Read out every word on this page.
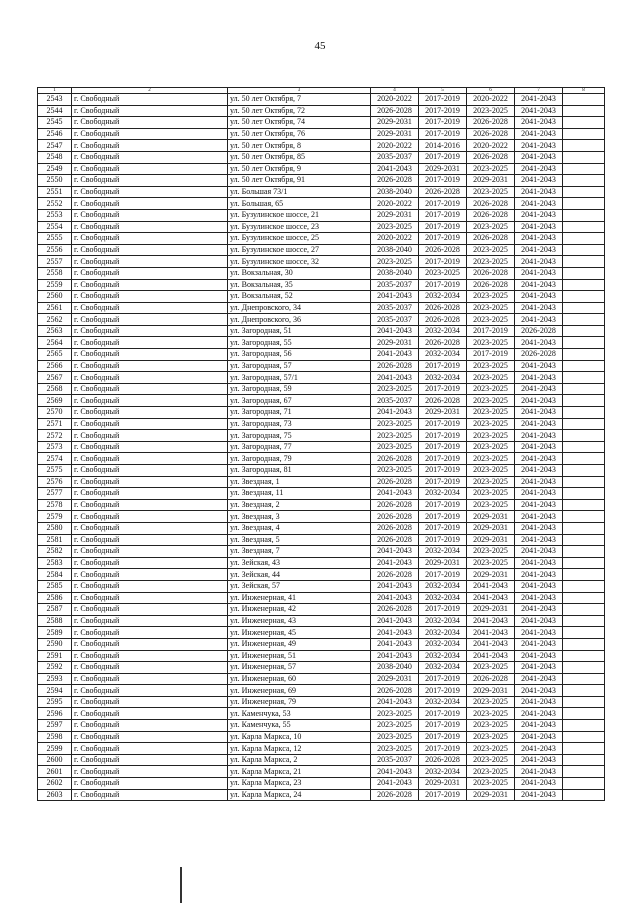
45
1	2	3	4	5	6	7	8
2543	г. Свободный	ул. 50 лет Октября, 7	2020-2022	2017-2019	2020-2022	2041-2043	
2544	г. Свободный	ул. 50 лет Октября, 72	2026-2028	2017-2019	2023-2025	2041-2043	
2545	г. Свободный	ул. 50 лет Октября, 74	2029-2031	2017-2019	2026-2028	2041-2043	
2546	г. Свободный	ул. 50 лет Октября, 76	2029-2031	2017-2019	2026-2028	2041-2043	
2547	г. Свободный	ул. 50 лет Октября, 8	2020-2022	2014-2016	2020-2022	2041-2043	
2548	г. Свободный	ул. 50 лет Октября, 85	2035-2037	2017-2019	2026-2028	2041-2043	
2549	г. Свободный	ул. 50 лет Октября, 9	2041-2043	2029-2031	2023-2025	2041-2043	
2550	г. Свободный	ул. 50 лет Октября, 91	2026-2028	2017-2019	2029-2031	2041-2043	
2551	г. Свободный	ул. Большая 73/1	2038-2040	2026-2028	2023-2025	2041-2043	
2552	г. Свободный	ул. Большая, 65	2020-2022	2017-2019	2026-2028	2041-2043	
2553	г. Свободный	ул. Бузулинское шоссе, 21	2029-2031	2017-2019	2026-2028	2041-2043	
2554	г. Свободный	ул. Бузулинское шоссе, 23	2023-2025	2017-2019	2023-2025	2041-2043	
2555	г. Свободный	ул. Бузулинское шоссе, 25	2020-2022	2017-2019	2026-2028	2041-2043	
2556	г. Свободный	ул. Бузулинское шоссе, 27	2038-2040	2026-2028	2023-2025	2041-2043	
2557	г. Свободный	ул. Бузулинское шоссе, 32	2023-2025	2017-2019	2023-2025	2041-2043	
2558	г. Свободный	ул. Вокзальная, 30	2038-2040	2023-2025	2026-2028	2041-2043	
2559	г. Свободный	ул. Вокзальная, 35	2035-2037	2017-2019	2026-2028	2041-2043	
2560	г. Свободный	ул. Вокзальная, 52	2041-2043	2032-2034	2023-2025	2041-2043	
2561	г. Свободный	ул. Днепровского, 34	2035-2037	2026-2028	2023-2025	2041-2043	
2562	г. Свободный	ул. Днепровского, 36	2035-2037	2026-2028	2023-2025	2041-2043	
2563	г. Свободный	ул. Загородная, 51	2041-2043	2032-2034	2017-2019	2026-2028	
2564	г. Свободный	ул. Загородная, 55	2029-2031	2026-2028	2023-2025	2041-2043	
2565	г. Свободный	ул. Загородная, 56	2041-2043	2032-2034	2017-2019	2026-2028	
2566	г. Свободный	ул. Загородная, 57	2026-2028	2017-2019	2023-2025	2041-2043	
2567	г. Свободный	ул. Загородная, 57/1	2041-2043	2032-2034	2023-2025	2041-2043	
2568	г. Свободный	ул. Загородная, 59	2023-2025	2017-2019	2023-2025	2041-2043	
2569	г. Свободный	ул. Загородная, 67	2035-2037	2026-2028	2023-2025	2041-2043	
2570	г. Свободный	ул. Загородная, 71	2041-2043	2029-2031	2023-2025	2041-2043	
2571	г. Свободный	ул. Загородная, 73	2023-2025	2017-2019	2023-2025	2041-2043	
2572	г. Свободный	ул. Загородная, 75	2023-2025	2017-2019	2023-2025	2041-2043	
2573	г. Свободный	ул. Загородная, 77	2023-2025	2017-2019	2023-2025	2041-2043	
2574	г. Свободный	ул. Загородная, 79	2026-2028	2017-2019	2023-2025	2041-2043	
2575	г. Свободный	ул. Загородная, 81	2023-2025	2017-2019	2023-2025	2041-2043	
2576	г. Свободный	ул. Звездная, 1	2026-2028	2017-2019	2023-2025	2041-2043	
2577	г. Свободный	ул. Звездная, 11	2041-2043	2032-2034	2023-2025	2041-2043	
2578	г. Свободный	ул. Звездная, 2	2026-2028	2017-2019	2023-2025	2041-2043	
2579	г. Свободный	ул. Звездная, 3	2026-2028	2017-2019	2029-2031	2041-2043	
2580	г. Свободный	ул. Звездная, 4	2026-2028	2017-2019	2029-2031	2041-2043	
2581	г. Свободный	ул. Звездная, 5	2026-2028	2017-2019	2029-2031	2041-2043	
2582	г. Свободный	ул. Звездная, 7	2041-2043	2032-2034	2023-2025	2041-2043	
2583	г. Свободный	ул. Зейская, 43	2041-2043	2029-2031	2023-2025	2041-2043	
2584	г. Свободный	ул. Зейская, 44	2026-2028	2017-2019	2029-2031	2041-2043	
2585	г. Свободный	ул. Зейская, 57	2041-2043	2032-2034	2041-2043	2041-2043	
2586	г. Свободный	ул. Инженерная, 41	2041-2043	2032-2034	2041-2043	2041-2043	
2587	г. Свободный	ул. Инженерная, 42	2026-2028	2017-2019	2029-2031	2041-2043	
2588	г. Свободный	ул. Инженерная, 43	2041-2043	2032-2034	2041-2043	2041-2043	
2589	г. Свободный	ул. Инженерная, 45	2041-2043	2032-2034	2041-2043	2041-2043	
2590	г. Свободный	ул. Инженерная, 49	2041-2043	2032-2034	2041-2043	2041-2043	
2591	г. Свободный	ул. Инженерная, 51	2041-2043	2032-2034	2041-2043	2041-2043	
2592	г. Свободный	ул. Инженерная, 57	2038-2040	2032-2034	2023-2025	2041-2043	
2593	г. Свободный	ул. Инженерная, 60	2029-2031	2017-2019	2026-2028	2041-2043	
2594	г. Свободный	ул. Инженерная, 69	2026-2028	2017-2019	2029-2031	2041-2043	
2595	г. Свободный	ул. Инженерная, 79	2041-2043	2032-2034	2023-2025	2041-2043	
2596	г. Свободный	ул. Каменчука, 53	2023-2025	2017-2019	2023-2025	2041-2043	
2597	г. Свободный	ул. Каменчука, 55	2023-2025	2017-2019	2023-2025	2041-2043	
2598	г. Свободный	ул. Карла Маркса, 10	2023-2025	2017-2019	2023-2025	2041-2043	
2599	г. Свободный	ул. Карла Маркса, 12	2023-2025	2017-2019	2023-2025	2041-2043	
2600	г. Свободный	ул. Карла Маркса, 2	2035-2037	2026-2028	2023-2025	2041-2043	
2601	г. Свободный	ул. Карла Маркса, 21	2041-2043	2032-2034	2023-2025	2041-2043	
2602	г. Свободный	ул. Карла Маркса, 23	2041-2043	2029-2031	2023-2025	2041-2043	
2603	г. Свободный	ул. Карла Маркса, 24	2026-2028	2017-2019	2029-2031	2041-2043	
